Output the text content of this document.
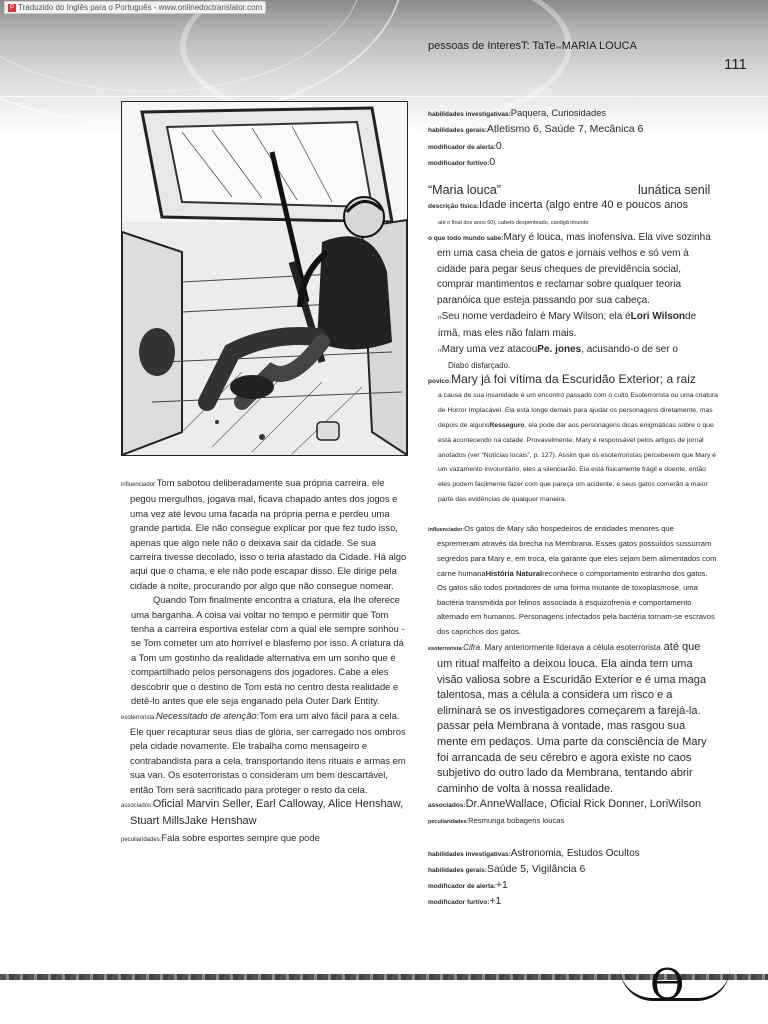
P Traduzido do Inglês para o Português - www.onlinedoctranslator.com
pessoas de InteresT: TaTe»«MARIA LOUCA
111

influenciador:Tom sabotou deliberadamente sua própria carreira. ele pegou mergulhos, jogava mal, ficava chapado antes dos jogos e uma vez até levou uma facada na própria perna e perdeu uma grande partida. Ele não consegue explicar por que fez tudo isso, apenas que algo nele não o deixava sair da cidade. Se sua carreira tivesse decolado, isso o teria afastado da Cidade. Há algo aqui que o chama, e ele não pode escapar disso. Ele dirige pela cidade à noite, procurando por algo que não consegue nomear.

Quando Tom finalmente encontra a criatura, ela lhe oferece uma barganha. A coisa vai voltar no tempo e permitir que Tom tenha a carreira esportiva estelar com a qual ele sempre sonhou - se Tom cometer um ato horrível e blasfemo por isso. A criatura dá a Tom um gostinho da realidade alternativa em um sonho que é compartilhado pelos personagens dos jogadores. Cabe a eles descobrir que o destino de Tom está no centro desta realidade e detê-lo antes que ele seja enganado pela Outer Dark Entity.

esoterrorista:Necessitado de atenção:Tom era um alvo fácil para a cela. Ele quer recapturar seus dias de glória, ser carregado nos ombros pela cidade novamente. Ele trabalha como mensageiro e contrabandista para a cela, transportando itens rituais e armas em sua van. Os esoterroristas o consideram um bem descartável, então Tom será sacrificado para proteger o resto da cela.

associados:Oficial Marvin Seller, Earl Calloway, Alice Henshaw, Stuart MillsJake Henshaw

peculiaridades:Fala sobre esportes sempre que pode

habilidades investigativas:Paquera, Curiosidades

habilidades gerais:Atletismo 6, Saúde 7, Mecânica 6

modificador de alerta:0

modificador furtivo:0

“Maria louca”	lunática senil

descrição física:Idade incerta (algo entre 40 e poucos anos

até o final dos anos 60), cabelo despenteado, cardigã imundo

o que todo mundo sabe:Mary é louca, mas inofensiva. Ela vive sozinha em uma casa cheia de gatos e jornais velhos e só vem à cidade para pegar seus cheques de previdência social, comprar mantimentos e reclamar sobre qualquer teoria paranóica que esteja passando por sua cabeça.

rrSeu nome verdadeiro é Mary Wilson; ela éLori Wilsonde irmã, mas eles não falam mais.

rrMary uma vez atacouPe. jones, acusando-o de ser o

Diabo disfarçado.

povico:Mary já foi vítima da Escuridão Exterior; a raiz

a causa de sua insanidade é um encontro passado com o culto Esoterrorista ou uma criatura de Horror Implacável. Ela está longe demais para ajudar os personagens diretamente, mas depois de algunsResseguro, ela pode dar aos personagens dicas enigmáticas sobre o que está acontecendo na cidade. Provavelmente, Mary é responsável pelos artigos de jornal anotados (ver “Notícias locais”, p. 127). Assim que os esoterroristas perceberem que Mary é um vazamento involuntário, eles a silenciarão. Ela está fisicamente frágil e doente, então eles podem facilmente fazer com que pareça um acidente, e seus gatos comerão a maior parte das evidências de qualquer maneira.

influenciador:Os gatos de Mary são hospedeiros de entidades menores que espremeram através da brecha na Membrana. Esses gatos possuídos sussurram segredos para Mary e, em troca, ela garante que eles sejam bem alimentados com carne humanaHistória Naturalreconhece o comportamento estranho dos gatos. Os gatos são todos portadores de uma forma mutante de toxoplasmose, uma bactéria transmitida por felinos associada à esquizofrenia e comportamento alternado em humanos. Personagens infectados pela bactéria tornam-se escravos dos caprichos dos gatos.

esoterrorista:Cifra. Mary anteriormente liderava a célula esoterrorista até que um ritual malfeito a deixou louca. Ela ainda tem uma visão valiosa sobre a Escuridão Exterior e é uma maga talentosa, mas a célula a considera um risco e a eliminará se os investigadores começarem a farejá-la. passar pela Membrana à vontade, mas rasgou sua mente em pedaços. Uma parte da consciência de Mary foi arrancada de seu cérebro e agora existe no caos subjetivo do outro lado da Membrana, tentando abrir caminho de volta à nossa realidade.

associados:Dr.AnneWallace, Oficial Rick Donner, LoriWilson

peculiaridades:Resmunga bobagens loucas

habilidades investigativas:Astronomia, Estudos Ocultos

habilidades gerais:Saúde 5, Vigilância 6

modificador de alerta:+1

modificador furtivo:+1

ϴ
